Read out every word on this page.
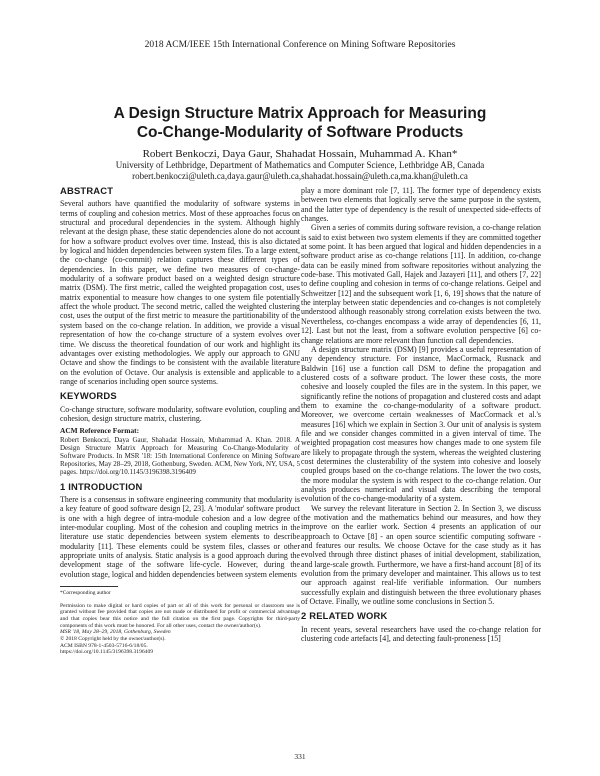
2018 ACM/IEEE 15th International Conference on Mining Software Repositories
A Design Structure Matrix Approach for Measuring
Co-Change-Modularity of Software Products
Robert Benkoczi, Daya Gaur, Shahadat Hossain, Muhammad A. Khan*
University of Lethbridge, Department of Mathematics and Computer Science, Lethbridge AB, Canada
robert.benkoczi@uleth.ca,daya.gaur@uleth.ca,shahadat.hossain@uleth.ca,ma.khan@uleth.ca
ABSTRACT

Several authors have quantified the modularity of software systems in terms of coupling and cohesion metrics. Most of these approaches focus on structural and procedural dependencies in the system. Although highly relevant at the design phase, these static dependencies alone do not account for how a software product evolves over time. Instead, this is also dictated by logical and hidden dependencies between system files. To a large extent, the co-change (co-commit) relation captures these different types of dependencies. In this paper, we define two measures of co-change-modularity of a software product based on a weighted design structure matrix (DSM). The first metric, called the weighted propagation cost, uses matrix exponential to measure how changes to one system file potentially affect the whole product. The second metric, called the weighted clustering cost, uses the output of the first metric to measure the partitionability of the system based on the co-change relation. In addition, we provide a visual representation of how the co-change structure of a system evolves over time. We discuss the theoretical foundation of our work and highlight its advantages over existing methodologies. We apply our approach to GNU Octave and show the findings to be consistent with the available literature on the evolution of Octave. Our analysis is extensible and applicable to a range of scenarios including open source systems.

KEYWORDS

Co-change structure, software modularity, software evolution, coupling and cohesion, design structure matrix, clustering.

ACM Reference Format:

Robert Benkoczi, Daya Gaur, Shahadat Hossain, Muhammad A. Khan. 2018. A Design Structure Matrix Approach for Measuring Co-Change-Modularity of Software Products. In MSR '18: 15th International Conference on Mining Software Repositories, May 28–29, 2018, Gothenburg, Sweden. ACM, New York, NY, USA, 5 pages. https://doi.org/10.1145/3196398.3196409

1 INTRODUCTION

There is a consensus in software engineering community that modularity is a key feature of good software design [2, 23]. A 'modular' software product is one with a high degree of intra-module cohesion and a low degree of inter-modular coupling. Most of the cohesion and coupling metrics in the literature use static dependencies between system elements to describe modularity [11]. These elements could be system files, classes or other appropriate units of analysis. Static analysis is a good approach during the development stage of the software life-cycle. However, during the evolution stage, logical and hidden dependencies between system elements

*Corresponding author
Permission to make digital or hard copies of part or all of this work for personal or classroom use is granted without fee provided that copies are not made or distributed for profit or commercial advantage and that copies bear this notice and the full citation on the first page. Copyrights for third-party components of this work must be honored. For all other uses, contact the owner/author(s).
MSR '18, May 28–29, 2018, Gothenburg, Sweden
© 2018 Copyright held by the owner/author(s).
ACM ISBN 978-1-4503-5716-6/18/05.
https://doi.org/10.1145/3196398.3196409

play a more dominant role [7, 11]. The former type of dependency exists between two elements that logically serve the same purpose in the system, and the latter type of dependency is the result of unexpected side-effects of changes.

Given a series of commits during software revision, a co-change relation is said to exist between two system elements if they are committed together at some point. It has been argued that logical and hidden dependencies in a software product arise as co-change relations [11]. In addition, co-change data can be easily mined from software repositories without analyzing the code-base. This motivated Gall, Hajek and Jazayeri [11], and others [7, 22] to define coupling and cohesion in terms of co-change relations. Geipel and Schweitzer [12] and the subsequent work [1, 6, 19] shows that the nature of the interplay between static dependencies and co-changes is not completely understood although reasonably strong correlation exists between the two. Nevertheless, co-changes encompass a wide array of dependencies [6, 11, 12]. Last but not the least, from a software evolution perspective [6] co-change relations are more relevant than function call dependencies.

A design structure matrix (DSM) [9] provides a useful representation of any dependency structure. For instance, MacCormack, Rusnack and Baldwin [16] use a function call DSM to define the propagation and clustered costs of a software product. The lower these costs, the more cohesive and loosely coupled the files are in the system. In this paper, we significantly refine the notions of propagation and clustered costs and adapt them to examine the co-change-modularity of a software product. Moreover, we overcome certain weaknesses of MacCormack et al.'s measures [16] which we explain in Section 3. Our unit of analysis is system file and we consider changes committed in a given interval of time. The weighted propagation cost measures how changes made to one system file are likely to propagate through the system, whereas the weighted clustering cost determines the clusterability of the system into cohesive and loosely coupled groups based on the co-change relations. The lower the two costs, the more modular the system is with respect to the co-change relation. Our analysis produces numerical and visual data describing the temporal evolution of the co-change-modularity of a system.

We survey the relevant literature in Section 2. In Section 3, we discuss the motivation and the mathematics behind our measures, and how they improve on the earlier work. Section 4 presents an application of our approach to Octave [8] - an open source scientific computing software - and features our results. We choose Octave for the case study as it has evolved through three distinct phases of initial development, stabilization, and large-scale growth. Furthermore, we have a first-hand account [8] of its evolution from the primary developer and maintainer. This allows us to test our approach against real-life verifiable information. Our numbers successfully explain and distinguish between the three evolutionary phases of Octave. Finally, we outline some conclusions in Section 5.

2 RELATED WORK

In recent years, several researchers have used the co-change relation for clustering code artefacts [4], and detecting fault-proneness [15]

331
